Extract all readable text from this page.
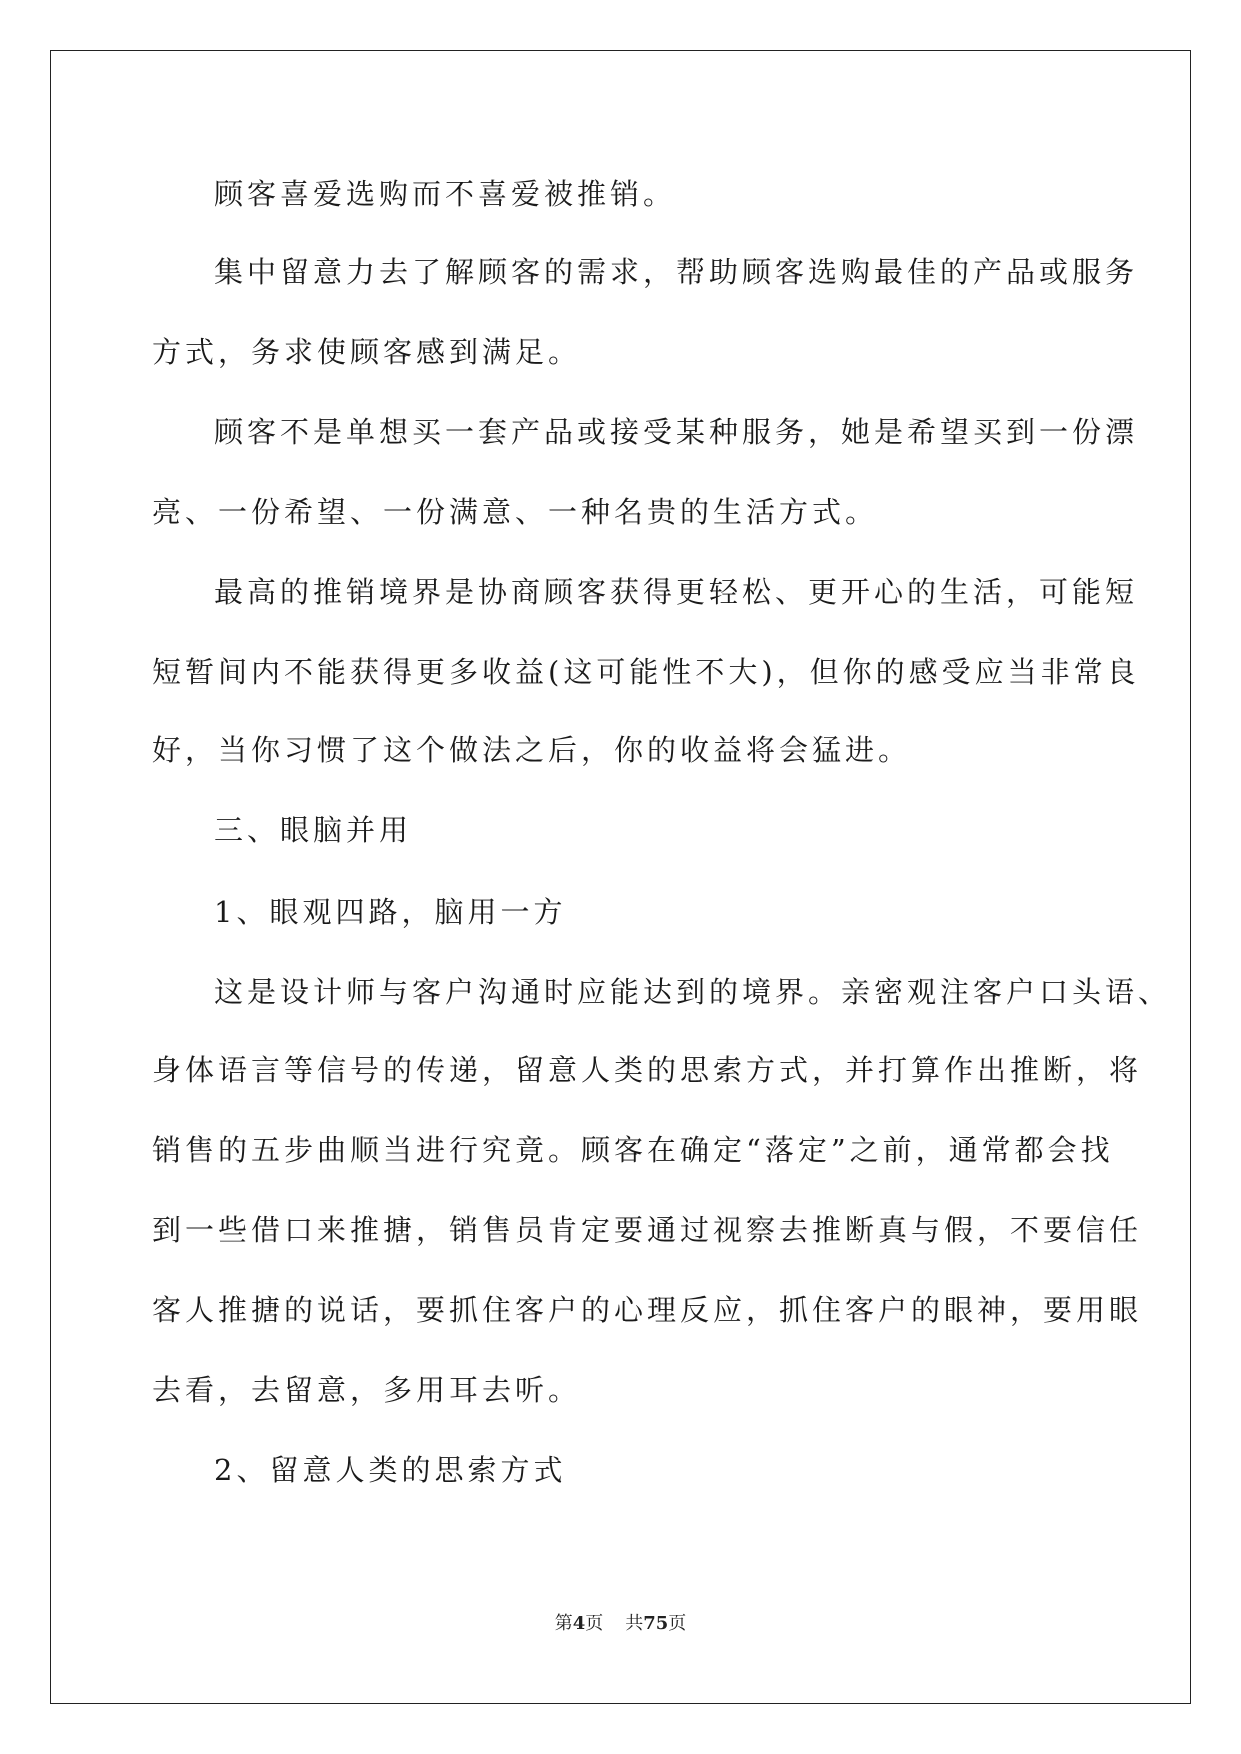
顾客喜爱选购而不喜爱被推销。
集中留意力去了解顾客的需求，帮助顾客选购最佳的产品或服务
方式，务求使顾客感到满足。
顾客不是单想买一套产品或接受某种服务，她是希望买到一份漂
亮、一份希望、一份满意、一种名贵的生活方式。
最高的推销境界是协商顾客获得更轻松、更开心的生活，可能短
短暂间内不能获得更多收益(这可能性不大)，但你的感受应当非常良
好，当你习惯了这个做法之后，你的收益将会猛进。
三、眼脑并用
1、眼观四路，脑用一方
这是设计师与客户沟通时应能达到的境界。亲密观注客户口头语、
身体语言等信号的传递，留意人类的思索方式，并打算作出推断，将
销售的五步曲顺当进行究竟。顾客在确定“落定”之前，通常都会找
到一些借口来推搪，销售员肯定要通过视察去推断真与假，不要信任
客人推搪的说话，要抓住客户的心理反应，抓住客户的眼神，要用眼
去看，去留意，多用耳去听。
2、留意人类的思索方式
第4页 共75页
